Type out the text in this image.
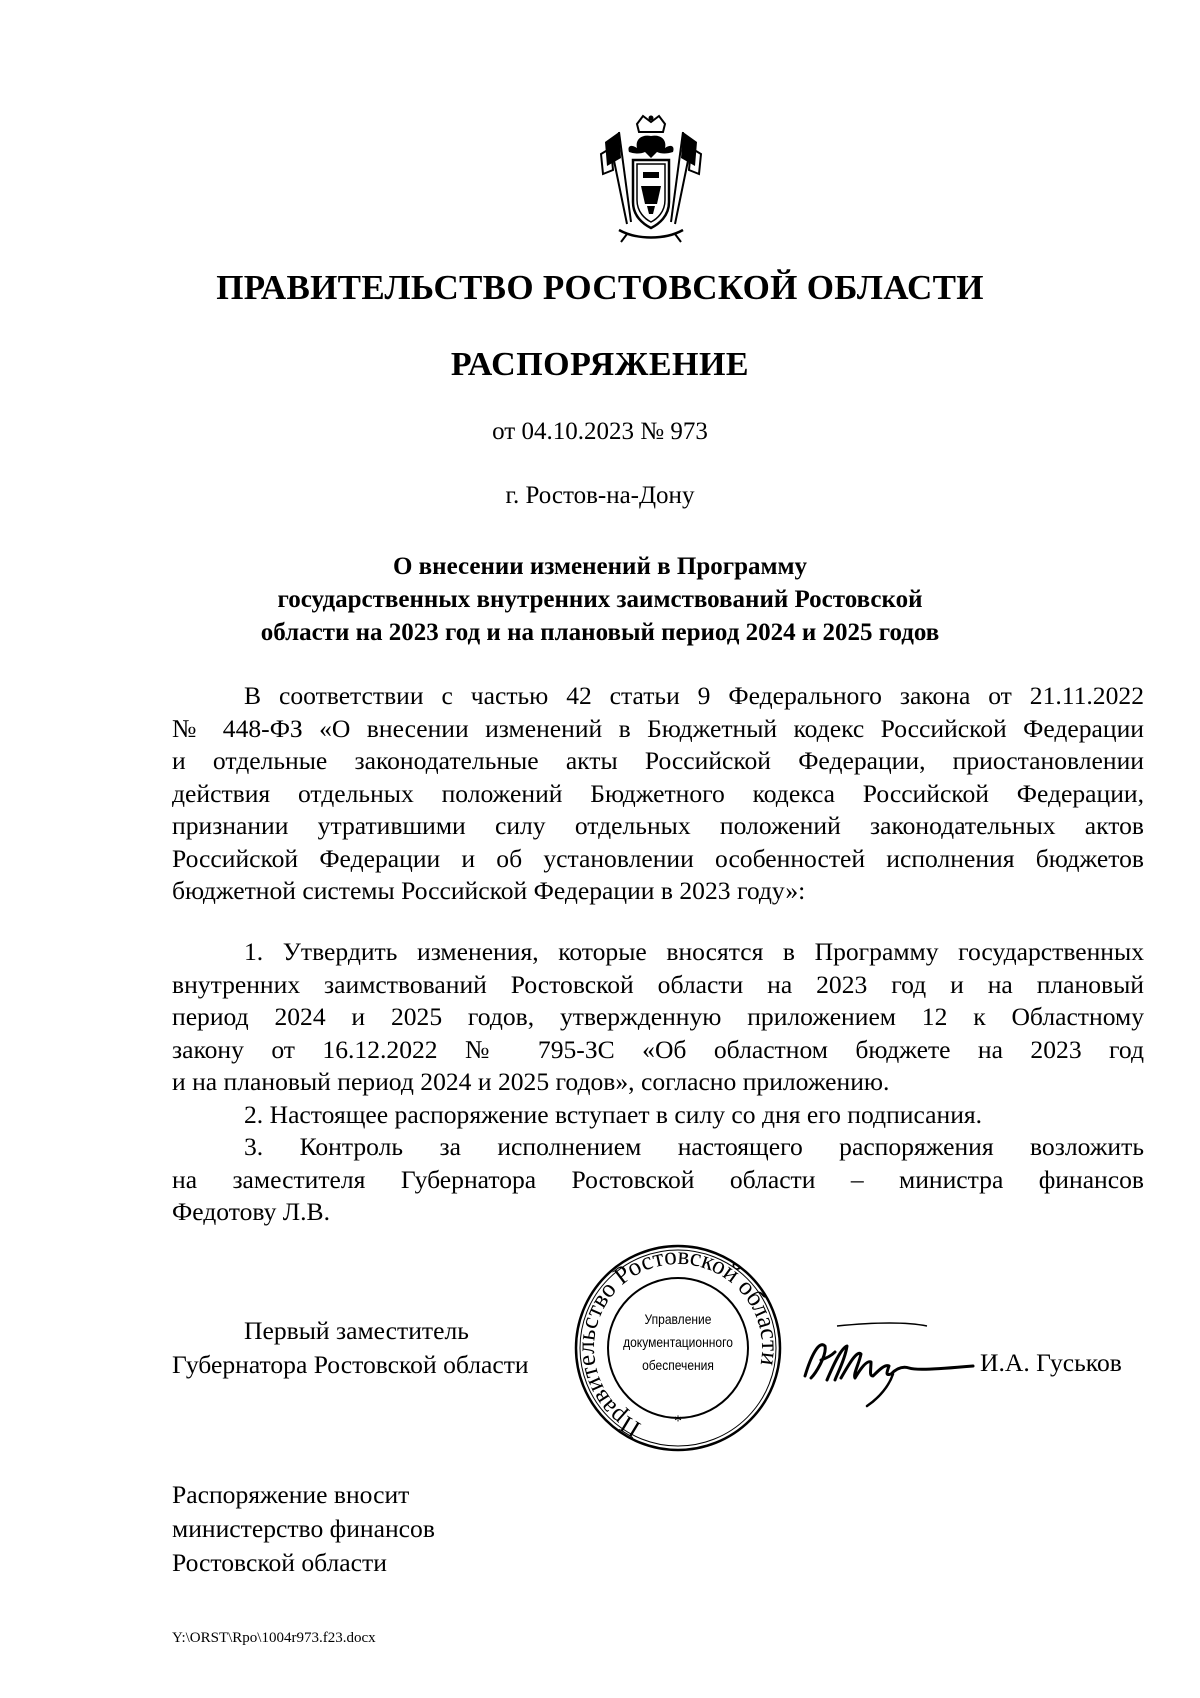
ПРАВИТЕЛЬСТВО РОСТОВСКОЙ ОБЛАСТИ
РАСПОРЯЖЕНИЕ
от 04.10.2023 № 973
г. Ростов-на-Дону
О внесении изменений в Программу
государственных внутренних заимствований Ростовской
области на 2023 год и на плановый период 2024 и 2025 годов
В соответствии с частью 42 статьи 9 Федерального закона от 21.11.2022
№ 448-ФЗ «О внесении изменений в Бюджетный кодекс Российской Федерации
и отдельные законодательные акты Российской Федерации, приостановлении
действия отдельных положений Бюджетного кодекса Российской Федерации,
признании утратившими силу отдельных положений законодательных актов
Российской Федерации и об установлении особенностей исполнения бюджетов
бюджетной системы Российской Федерации в 2023 году»:
1. Утвердить изменения, которые вносятся в Программу государственных
внутренних заимствований Ростовской области на 2023 год и на плановый
период 2024 и 2025 годов, утвержденную приложением 12 к Областному
закону от 16.12.2022 № 795-ЗС «Об областном бюджете на 2023 год
и на плановый период 2024 и 2025 годов», согласно приложению.
2. Настоящее распоряжение вступает в силу со дня его подписания.
3. Контроль за исполнением настоящего распоряжения возложить
на заместителя Губернатора Ростовской области – министра финансов
Федотову Л.В.
Первый заместитель
Губернатора Ростовской области
Правительство Ростовской области
*
Управление
документационного
обеспечения	И.А. Гуськов
Распоряжение вносит
министерство финансов
Ростовской области
Y:\ORST\Rpo\1004r973.f23.docx
